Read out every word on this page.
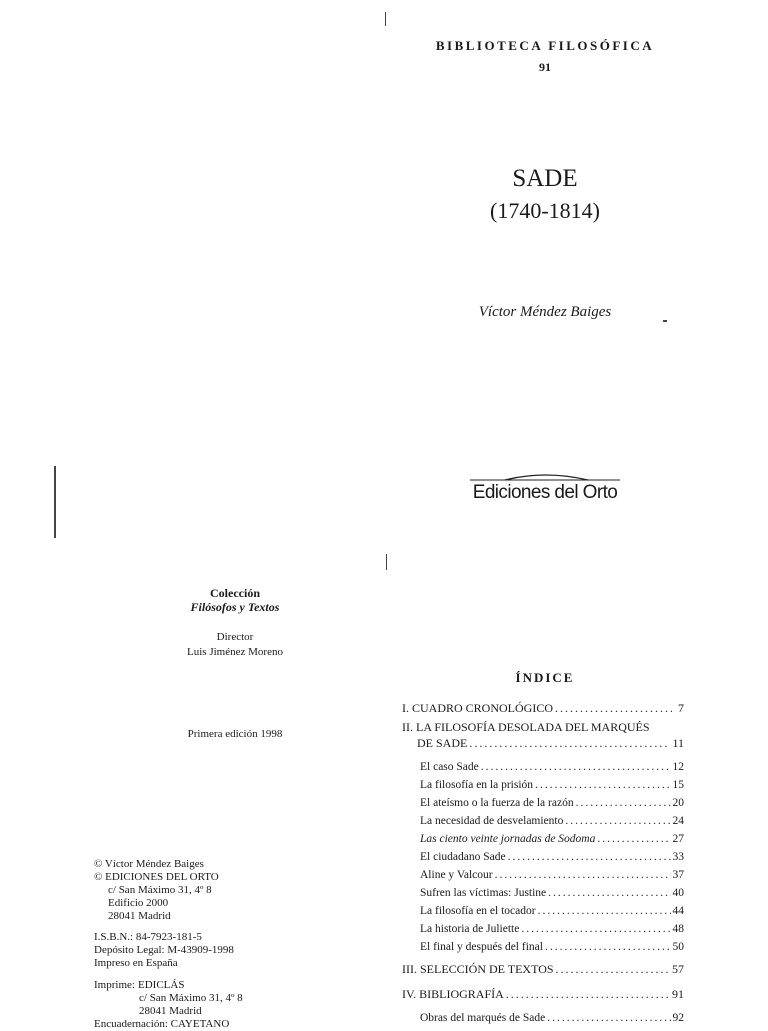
BIBLIOTECA FILOSÓFICA
91
SADE
(1740-1814)
Víctor Méndez Baiges
Ediciones del Orto
Colección
Filósofos y Textos
Director
Luis Jiménez Moreno
Primera edición 1998
© Víctor Méndez Baiges
© EDICIONES DEL ORTO
c/ San Máximo 31, 4º 8
Edificio 2000
28041 Madrid
I.S.B.N.: 84-7923-181-5
Depósito Legal: M-43909-1998
Impreso en España
Imprime: EDICLÁS
c/ San Máximo 31, 4º 8
28041 Madrid
Encuadernación: CAYETANO
ÍNDICE
I. CUADRO CRONOLÓGICO .....	7
II. LA FILOSOFÍA DESOLADA DEL MARQUÉS
DE SADE .....	11
El caso Sade .....	12
La filosofía en la prisión .....	15
El ateísmo o la fuerza de la razón .....	20
La necesidad de desvelamiento .....	24
Las ciento veinte jornadas de Sodoma .....	27
El ciudadano Sade .....	33
Aline y Valcour .....	37
Sufren las víctimas: Justine .....	40
La filosofía en el tocador .....	44
La historia de Juliette .....	48
El final y después del final .....	50
III. SELECCIÓN DE TEXTOS .....	57
IV. BIBLIOGRAFÍA .....	91
Obras del marqués de Sade .....	92
